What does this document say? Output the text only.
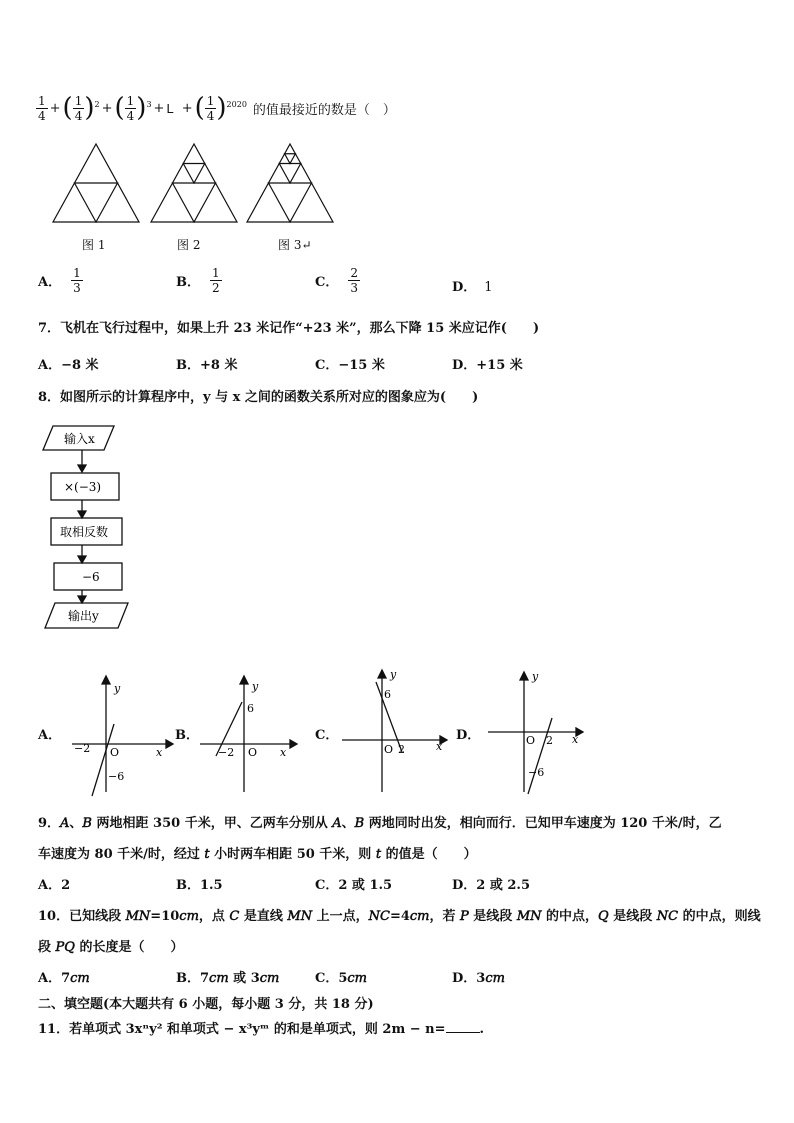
$\frac{1}{4}$ + ( $\frac{1}{4}$ ) 2 + ( $\frac{1}{4}$ ) 3 + L + ( $\frac{1}{4}$ ) 2020 的值最接近的数是（　）
图 1	图 2	图 3↵
A． $\frac{1}{3}$	B． $\frac{1}{2}$	C． $\frac{2}{3}$	D． 1
7．飞机在飞行过程中，如果上升 23 米记作“+23 米”，那么下降 15 米应记作(　　)
A．−8 米	B．+8 米	C．−15 米	D．+15 米
8．如图所示的计算程序中，y 与 x 之间的函数关系所对应的图象应为(　　)
输入x
×(−3)
取相反数
−6
输出y
A．	B．	C．	D．
y
x
O
−2
−6
y
x
O
−2
6
y
x
O 2
6
y
x
O 2
−6
9．𝐴、𝐵 两地相距 350 千米，甲、乙两车分别从 𝐴、𝐵 两地同时出发，相向而行．已知甲车速度为 120 千米/时，乙
车速度为 80 千米/时，经过 𝑡 小时两车相距 50 千米，则 𝑡 的值是（　　）
A．2	B．1.5	C．2 或 1.5	D．2 或 2.5
10．已知线段 𝑀𝑁=10𝑐𝑚，点 𝐶 是直线 𝑀𝑁 上一点，𝑁𝐶=4𝑐𝑚，若 𝑃 是线段 𝑀𝑁 的中点，𝑄 是线段 𝑁𝐶 的中点，则线
段 𝑃𝑄 的长度是（　　）
A．7𝑐𝑚	B．7𝑐𝑚 或 3𝑐𝑚	C．5𝑐𝑚	D．3𝑐𝑚
二、填空题(本大题共有 6 小题，每小题 3 分，共 18 分)
11．若单项式 3xⁿy² 和单项式 − x³yᵐ 的和是单项式，则 2m − n=	.
